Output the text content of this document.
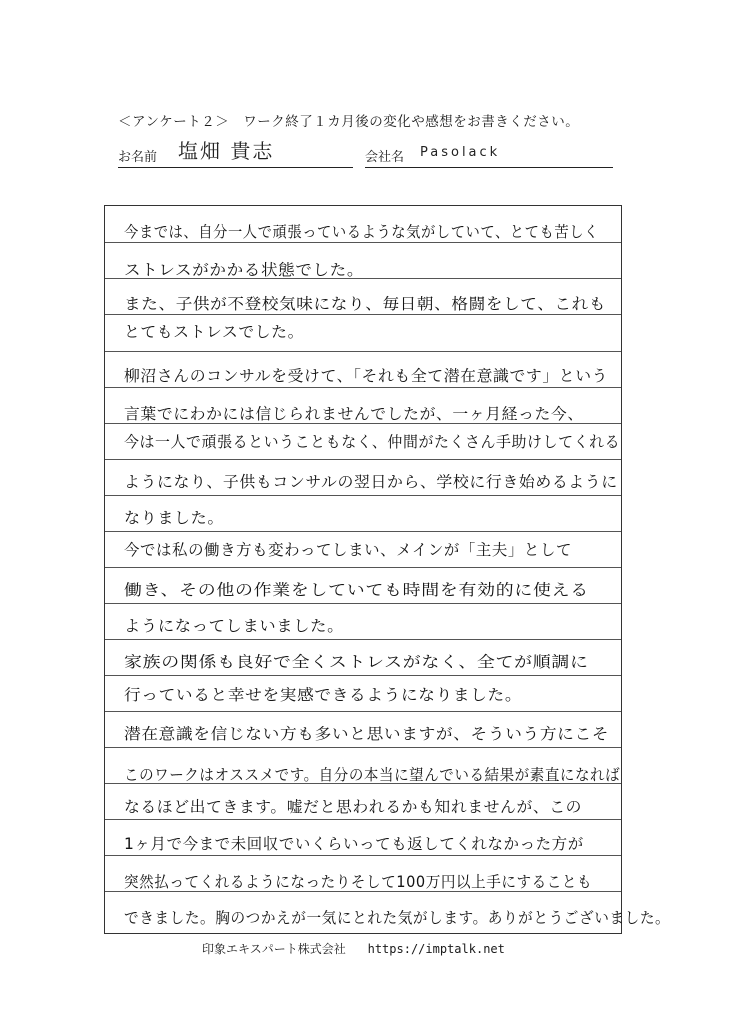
＜アンケート２＞　ワーク終了１カ月後の変化や感想をお書きください。
お名前 塩畑 貴志	会社名 Pasolack
今までは、自分一人で頑張っているような気がしていて、とても苦しく
ストレスがかかる状態でした。
また、子供が不登校気味になり、毎日朝、格闘をして、これも
とてもストレスでした。
柳沼さんのコンサルを受けて、「それも全て潜在意識です」という
言葉でにわかには信じられませんでしたが、一ヶ月経った今、
今は一人で頑張るということもなく、仲間がたくさん手助けしてくれる
ようになり、子供もコンサルの翌日から、学校に行き始めるように
なりました。
今では私の働き方も変わってしまい、メインが「主夫」として
働き、その他の作業をしていても時間を有効的に使える
ようになってしまいました。
家族の関係も良好で全くストレスがなく、全てが順調に
行っていると幸せを実感できるようになりました。
潜在意識を信じない方も多いと思いますが、そういう方にこそ
このワークはオススメです。自分の本当に望んでいる結果が素直になれば
なるほど出てきます。嘘だと思われるかも知れませんが、この
1ヶ月で今まで未回収でいくらいっても返してくれなかった方が
突然払ってくれるようになったりそして100万円以上手にすることも
できました。胸のつかえが一気にとれた気がします。ありがとうございました。
印象エキスパート株式会社 https://imptalk.net
